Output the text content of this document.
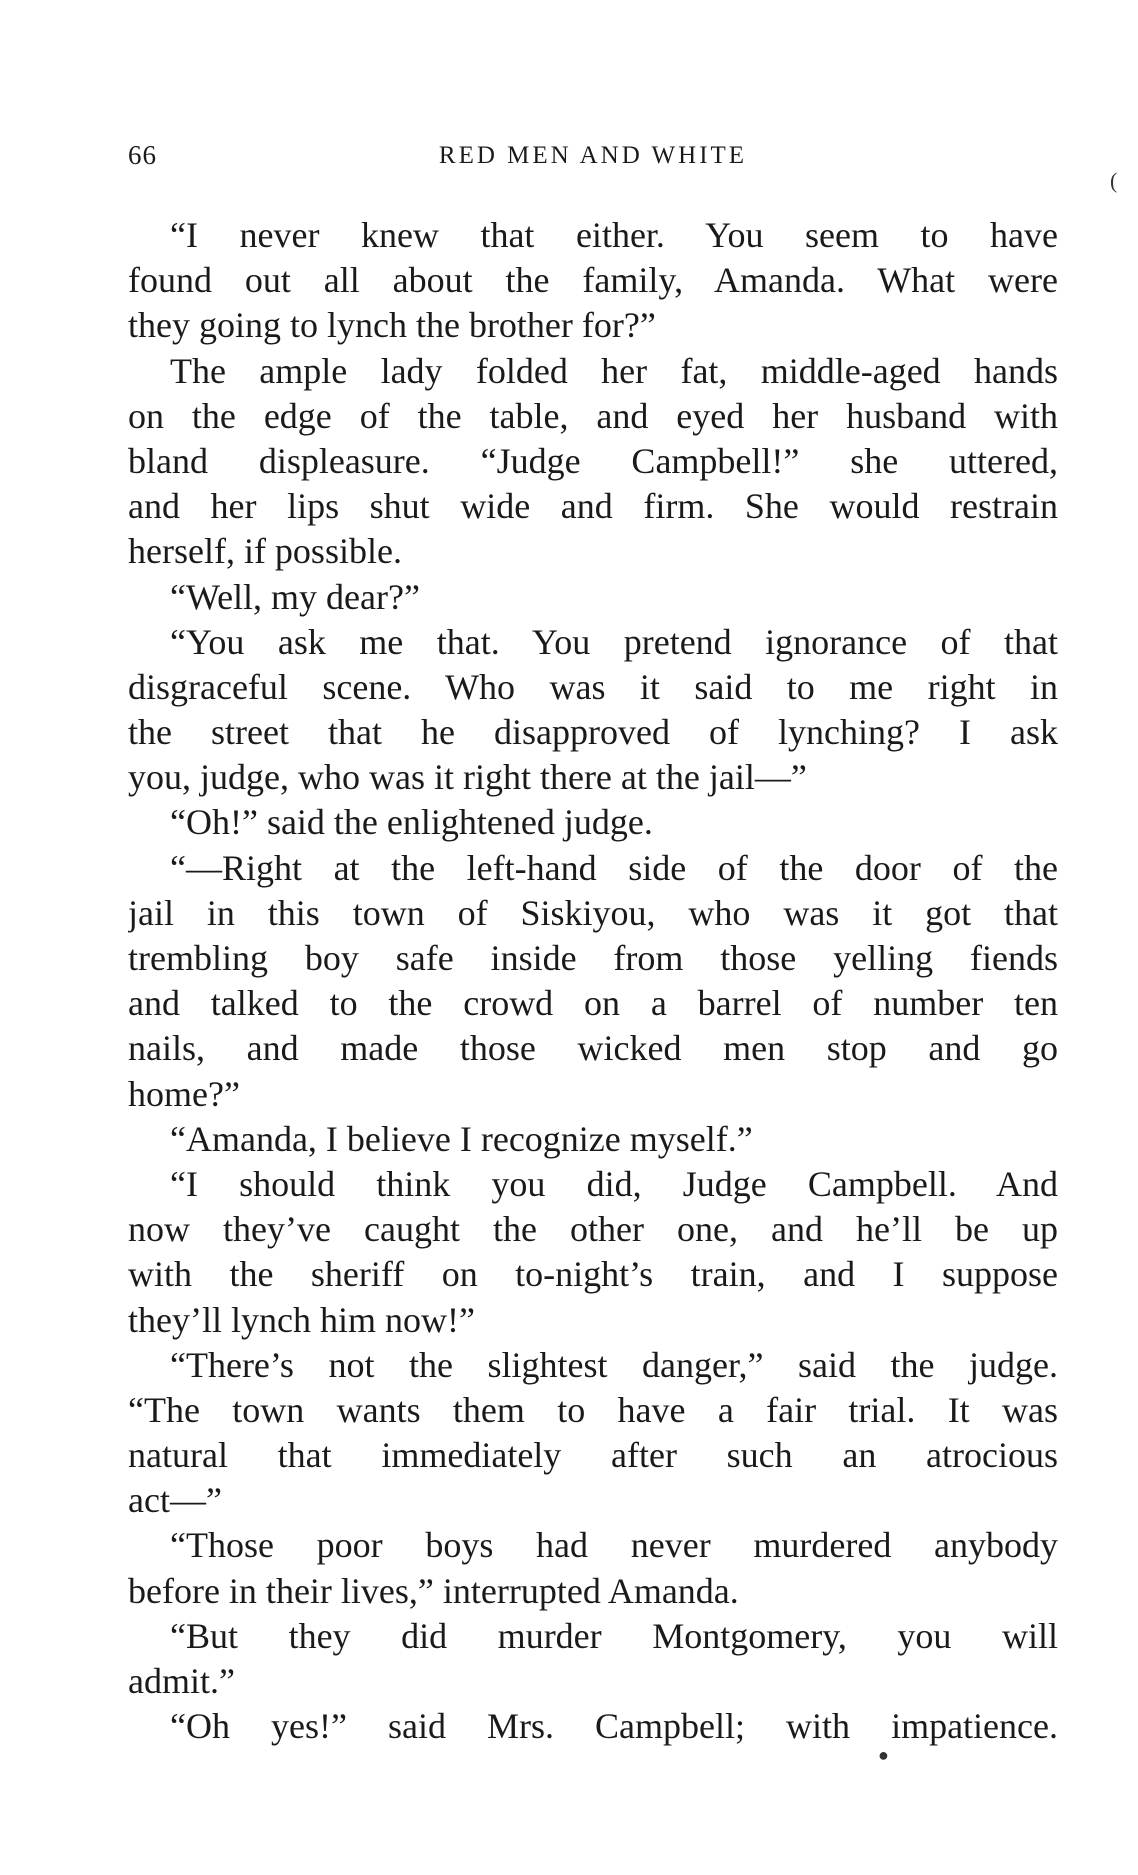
66	RED MEN AND WHITE
(
“I never knew that either. You seem to have
found out all about the family, Amanda. What were
they going to lynch the brother for?”
The ample lady folded her fat, middle-aged hands
on the edge of the table, and eyed her husband with
bland displeasure. “Judge Campbell!” she uttered,
and her lips shut wide and firm. She would restrain
herself, if possible.
“Well, my dear?”
“You ask me that. You pretend ignorance of that
disgraceful scene. Who was it said to me right in
the street that he disapproved of lynching? I ask
you, judge, who was it right there at the jail—”
“Oh!” said the enlightened judge.
“—Right at the left-hand side of the door of the
jail in this town of Siskiyou, who was it got that
trembling boy safe inside from those yelling fiends
and talked to the crowd on a barrel of number ten
nails, and made those wicked men stop and go
home?”
“Amanda, I believe I recognize myself.”
“I should think you did, Judge Campbell. And
now they’ve caught the other one, and he’ll be up
with the sheriff on to-night’s train, and I suppose
they’ll lynch him now!”
“There’s not the slightest danger,” said the judge.
“The town wants them to have a fair trial. It was
natural that immediately after such an atrocious
act—”
“Those poor boys had never murdered anybody
before in their lives,” interrupted Amanda.
“But they did murder Montgomery, you will
admit.”
“Oh yes!” said Mrs. Campbell; with impatience.
●
